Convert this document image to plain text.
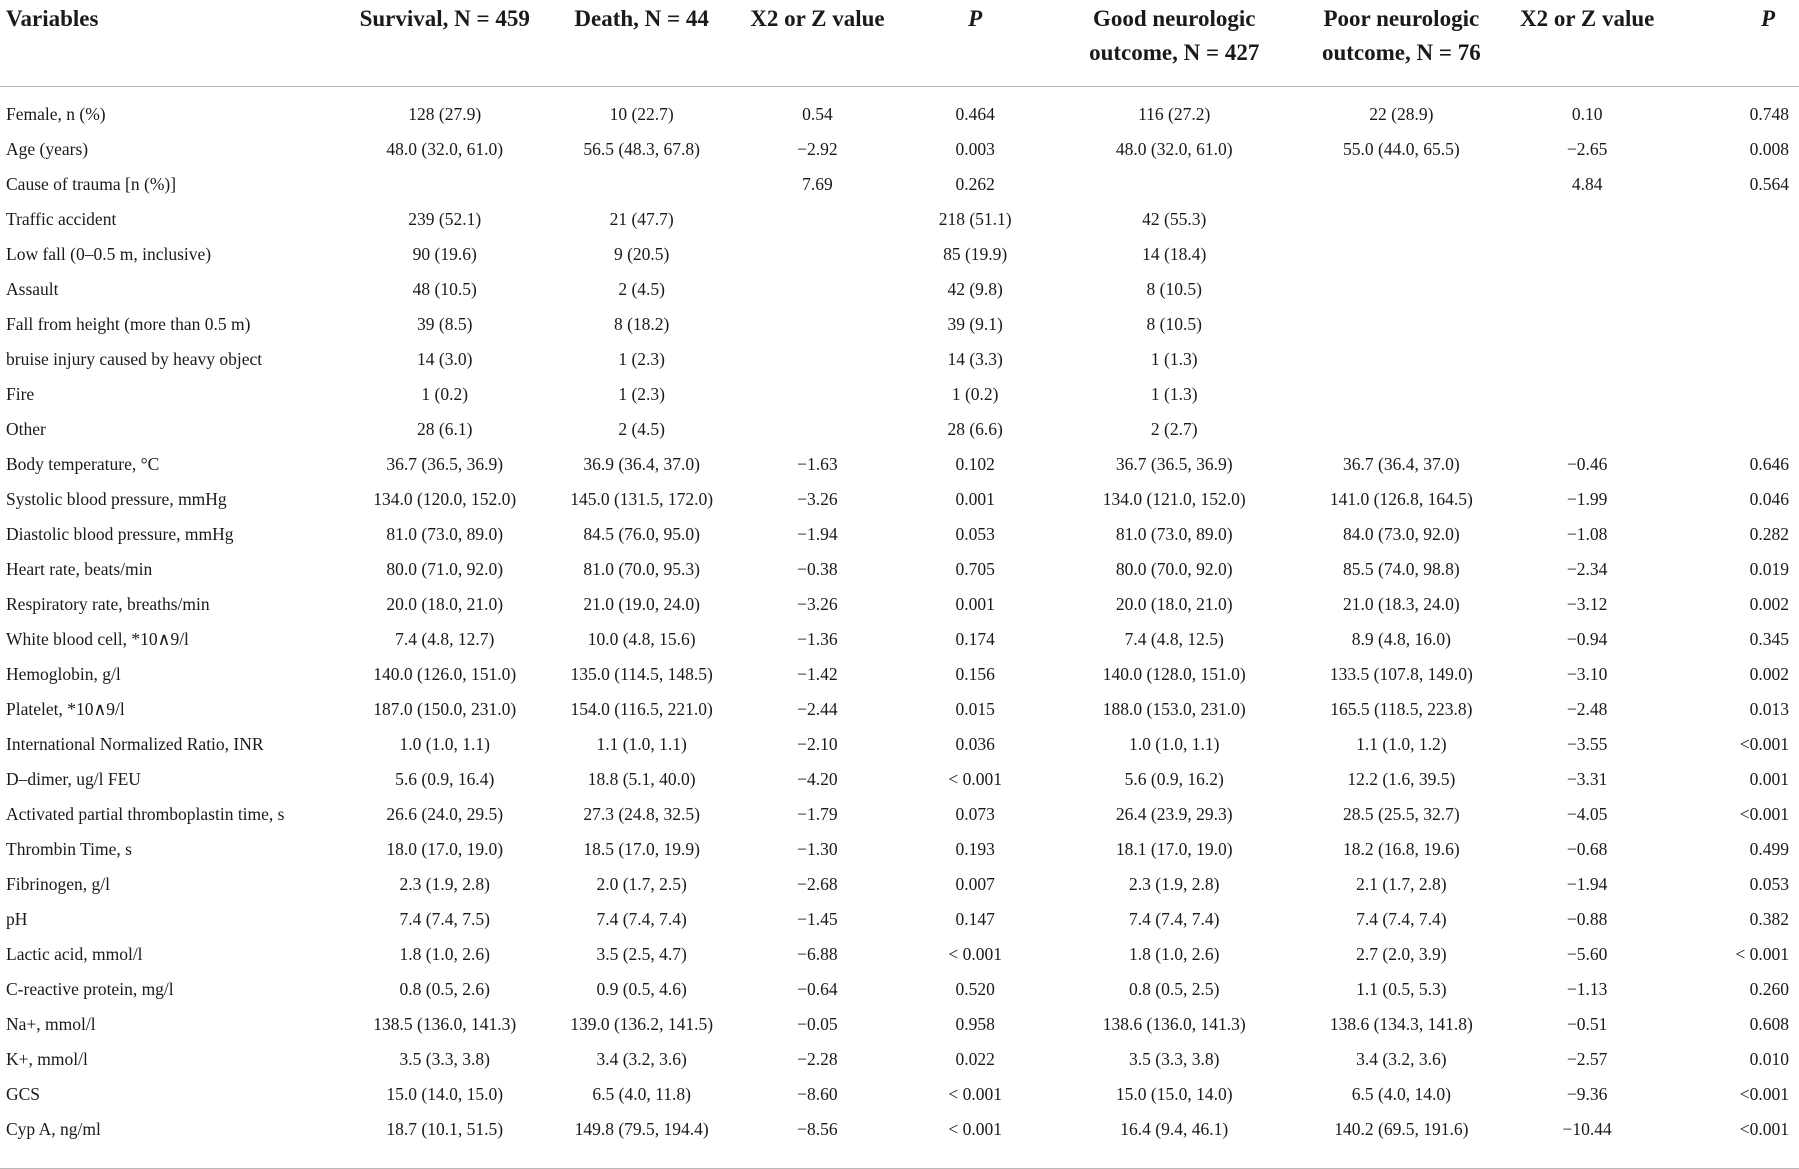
Variables	Survival, N = 459	Death, N = 44	X2 or Z value	P	Good neurologic outcome, N = 427	Poor neurologic outcome, N = 76	X2 or Z value	P

Female, n (%)	128 (27.9)	10 (22.7)	0.54	0.464	116 (27.2)	22 (28.9)	0.10	0.748
Age (years)	48.0 (32.0, 61.0)	56.5 (48.3, 67.8)	−2.92	0.003	48.0 (32.0, 61.0)	55.0 (44.0, 65.5)	−2.65	0.008
Cause of trauma [n (%)]			7.69	0.262			4.84	0.564
Traffic accident	239 (52.1)	21 (47.7)		218 (51.1)	42 (55.3)			
Low fall (0–0.5 m, inclusive)	90 (19.6)	9 (20.5)		85 (19.9)	14 (18.4)			
Assault	48 (10.5)	2 (4.5)		42 (9.8)	8 (10.5)			
Fall from height (more than 0.5 m)	39 (8.5)	8 (18.2)		39 (9.1)	8 (10.5)			
bruise injury caused by heavy object	14 (3.0)	1 (2.3)		14 (3.3)	1 (1.3)			
Fire	1 (0.2)	1 (2.3)		1 (0.2)	1 (1.3)			
Other	28 (6.1)	2 (4.5)		28 (6.6)	2 (2.7)			
Body temperature, °C	36.7 (36.5, 36.9)	36.9 (36.4, 37.0)	−1.63	0.102	36.7 (36.5, 36.9)	36.7 (36.4, 37.0)	−0.46	0.646
Systolic blood pressure, mmHg	134.0 (120.0, 152.0)	145.0 (131.5, 172.0)	−3.26	0.001	134.0 (121.0, 152.0)	141.0 (126.8, 164.5)	−1.99	0.046
Diastolic blood pressure, mmHg	81.0 (73.0, 89.0)	84.5 (76.0, 95.0)	−1.94	0.053	81.0 (73.0, 89.0)	84.0 (73.0, 92.0)	−1.08	0.282
Heart rate, beats/min	80.0 (71.0, 92.0)	81.0 (70.0, 95.3)	−0.38	0.705	80.0 (70.0, 92.0)	85.5 (74.0, 98.8)	−2.34	0.019
Respiratory rate, breaths/min	20.0 (18.0, 21.0)	21.0 (19.0, 24.0)	−3.26	0.001	20.0 (18.0, 21.0)	21.0 (18.3, 24.0)	−3.12	0.002
White blood cell, *10∧9/l	7.4 (4.8, 12.7)	10.0 (4.8, 15.6)	−1.36	0.174	7.4 (4.8, 12.5)	8.9 (4.8, 16.0)	−0.94	0.345
Hemoglobin, g/l	140.0 (126.0, 151.0)	135.0 (114.5, 148.5)	−1.42	0.156	140.0 (128.0, 151.0)	133.5 (107.8, 149.0)	−3.10	0.002
Platelet, *10∧9/l	187.0 (150.0, 231.0)	154.0 (116.5, 221.0)	−2.44	0.015	188.0 (153.0, 231.0)	165.5 (118.5, 223.8)	−2.48	0.013
International Normalized Ratio, INR	1.0 (1.0, 1.1)	1.1 (1.0, 1.1)	−2.10	0.036	1.0 (1.0, 1.1)	1.1 (1.0, 1.2)	−3.55	<0.001
D–dimer, ug/l FEU	5.6 (0.9, 16.4)	18.8 (5.1, 40.0)	−4.20	< 0.001	5.6 (0.9, 16.2)	12.2 (1.6, 39.5)	−3.31	0.001
Activated partial thromboplastin time, s	26.6 (24.0, 29.5)	27.3 (24.8, 32.5)	−1.79	0.073	26.4 (23.9, 29.3)	28.5 (25.5, 32.7)	−4.05	<0.001
Thrombin Time, s	18.0 (17.0, 19.0)	18.5 (17.0, 19.9)	−1.30	0.193	18.1 (17.0, 19.0)	18.2 (16.8, 19.6)	−0.68	0.499
Fibrinogen, g/l	2.3 (1.9, 2.8)	2.0 (1.7, 2.5)	−2.68	0.007	2.3 (1.9, 2.8)	2.1 (1.7, 2.8)	−1.94	0.053
pH	7.4 (7.4, 7.5)	7.4 (7.4, 7.4)	−1.45	0.147	7.4 (7.4, 7.4)	7.4 (7.4, 7.4)	−0.88	0.382
Lactic acid, mmol/l	1.8 (1.0, 2.6)	3.5 (2.5, 4.7)	−6.88	< 0.001	1.8 (1.0, 2.6)	2.7 (2.0, 3.9)	−5.60	< 0.001
C-reactive protein, mg/l	0.8 (0.5, 2.6)	0.9 (0.5, 4.6)	−0.64	0.520	0.8 (0.5, 2.5)	1.1 (0.5, 5.3)	−1.13	0.260
Na+, mmol/l	138.5 (136.0, 141.3)	139.0 (136.2, 141.5)	−0.05	0.958	138.6 (136.0, 141.3)	138.6 (134.3, 141.8)	−0.51	0.608
K+, mmol/l	3.5 (3.3, 3.8)	3.4 (3.2, 3.6)	−2.28	0.022	3.5 (3.3, 3.8)	3.4 (3.2, 3.6)	−2.57	0.010
GCS	15.0 (14.0, 15.0)	6.5 (4.0, 11.8)	−8.60	< 0.001	15.0 (15.0, 14.0)	6.5 (4.0, 14.0)	−9.36	<0.001
Cyp A, ng/ml	18.7 (10.1, 51.5)	149.8 (79.5, 194.4)	−8.56	< 0.001	16.4 (9.4, 46.1)	140.2 (69.5, 191.6)	−10.44	<0.001
